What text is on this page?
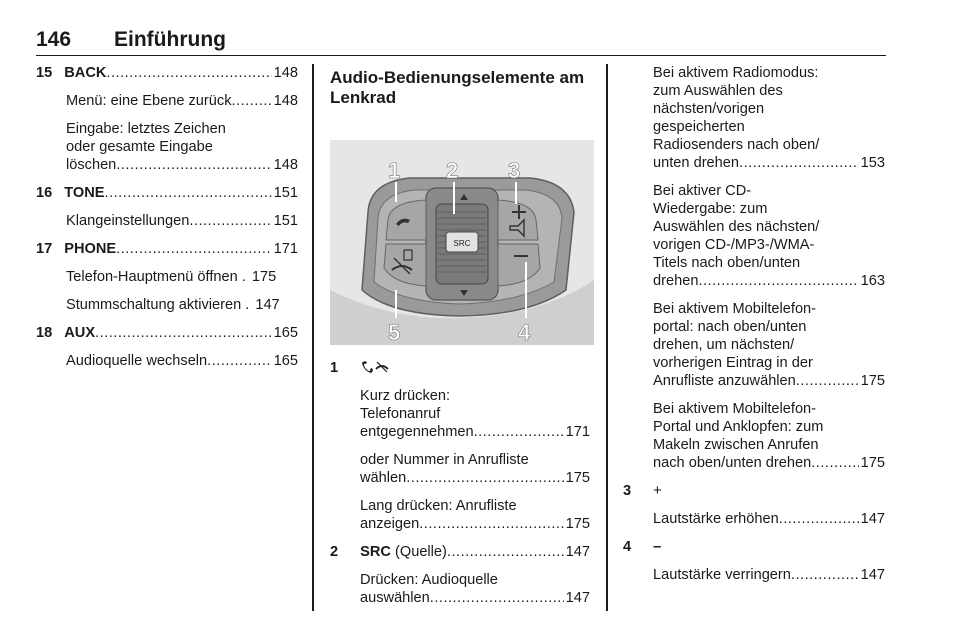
146 Einführung
15 BACK .....	148
Menü: eine Ebene zurück .....	148
Eingabe: letztes Zeichen
oder gesamte Eingabe
löschen .....	148
16 TONE .....	151
Klangeinstellungen .....	151
17 PHONE .....	171
Telefon-Hauptmenü öffnen . 175
Stummschaltung aktivieren . 147
18 AUX .....	165
Audioquelle wechseln .....	165
Audio-Bedienungselemente am
Lenkrad
SRC
1 2 3
4
5
1
Kurz drücken:
Telefonanruf
entgegennehmen .....	171
oder Nummer in Anrufliste
wählen .....	175
Lang drücken: Anrufliste
anzeigen .....	175
2 SRC (Quelle) .....	147
Drücken: Audioquelle
auswählen .....	147
Bei aktivem Radiomodus:
zum Auswählen des
nächsten/vorigen
gespeicherten
Radiosenders nach oben/
unten drehen .....	153
Bei aktiver CD-
Wiedergabe: zum
Auswählen des nächsten/
vorigen CD-/MP3-/WMA-
Titels nach oben/unten
drehen .....	163
Bei aktivem Mobiltelefon-
portal: nach oben/unten
drehen, um nächsten/
vorherigen Eintrag in der
Anrufliste anzuwählen .....	175
Bei aktivem Mobiltelefon-
Portal und Anklopfen: zum
Makeln zwischen Anrufen
nach oben/unten drehen .....	175
3 +
Lautstärke erhöhen .....	147
4 –
Lautstärke verringern .....	147
